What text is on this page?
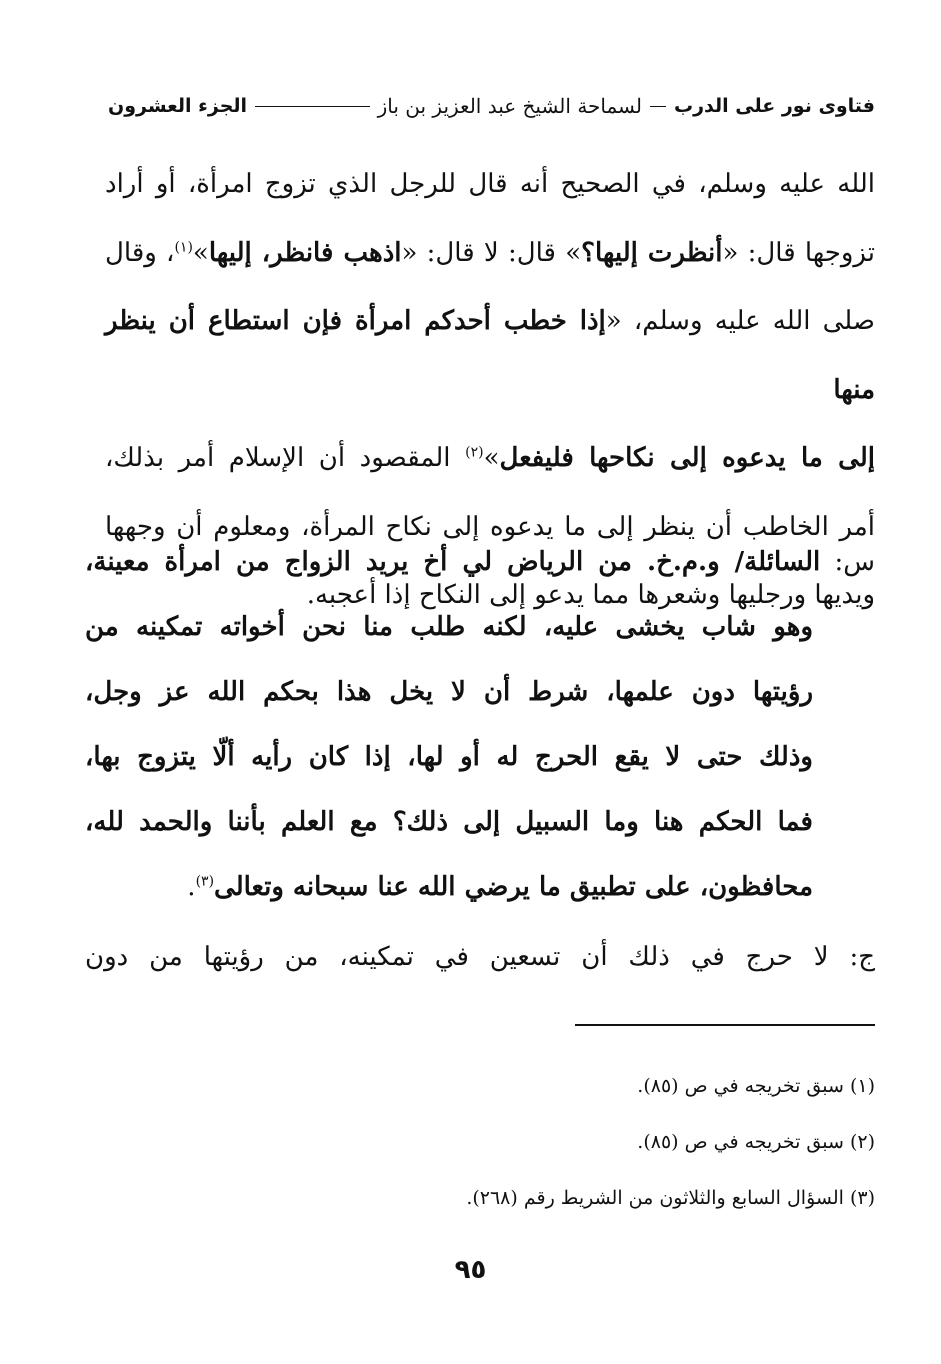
فتاوى نور على الدرب
لسماحة الشيخ عبد العزيز بن باز
الجزء العشرون
الله عليه وسلم، في الصحيح أنه قال للرجل الذي تزوج امرأة، أو أراد
تزوجها قال: «أنظرت إليها؟» قال: لا قال: «اذهب فانظر، إليها»$^{(١)}$، وقال
صلى الله عليه وسلم، «إذا خطب أحدكم امرأة فإن استطاع أن ينظر منها
إلى ما يدعوه إلى نكاحها فليفعل»$^{(٢)}$ المقصود أن الإسلام أمر بذلك،
أمر الخاطب أن ينظر إلى ما يدعوه إلى نكاح المرأة، ومعلوم أن وجهها
ويديها ورجليها وشعرها مما يدعو إلى النكاح إذا أعجبه.
س: السائلة/ و.م.خ. من الرياض لي أخ يريد الزواج من امرأة معينة،
وهو شاب يخشى عليه، لكنه طلب منا نحن أخواته تمكينه من
رؤيتها دون علمها، شرط أن لا يخل هذا بحكم الله عز وجل،
وذلك حتى لا يقع الحرج له أو لها، إذا كان رأيه ألّا يتزوج بها،
فما الحكم هنا وما السبيل إلى ذلك؟ مع العلم بأننا والحمد لله،
محافظون، على تطبيق ما يرضي الله عنا سبحانه وتعالى$^{(٣)}$.
ج: لا حرج في ذلك أن تسعين في تمكينه، من رؤيتها من دون
(١) سبق تخريجه في ص (٨٥).
(٢) سبق تخريجه في ص (٨٥).
(٣) السؤال السابع والثلاثون من الشريط رقم (٢٦٨).
٩٥
